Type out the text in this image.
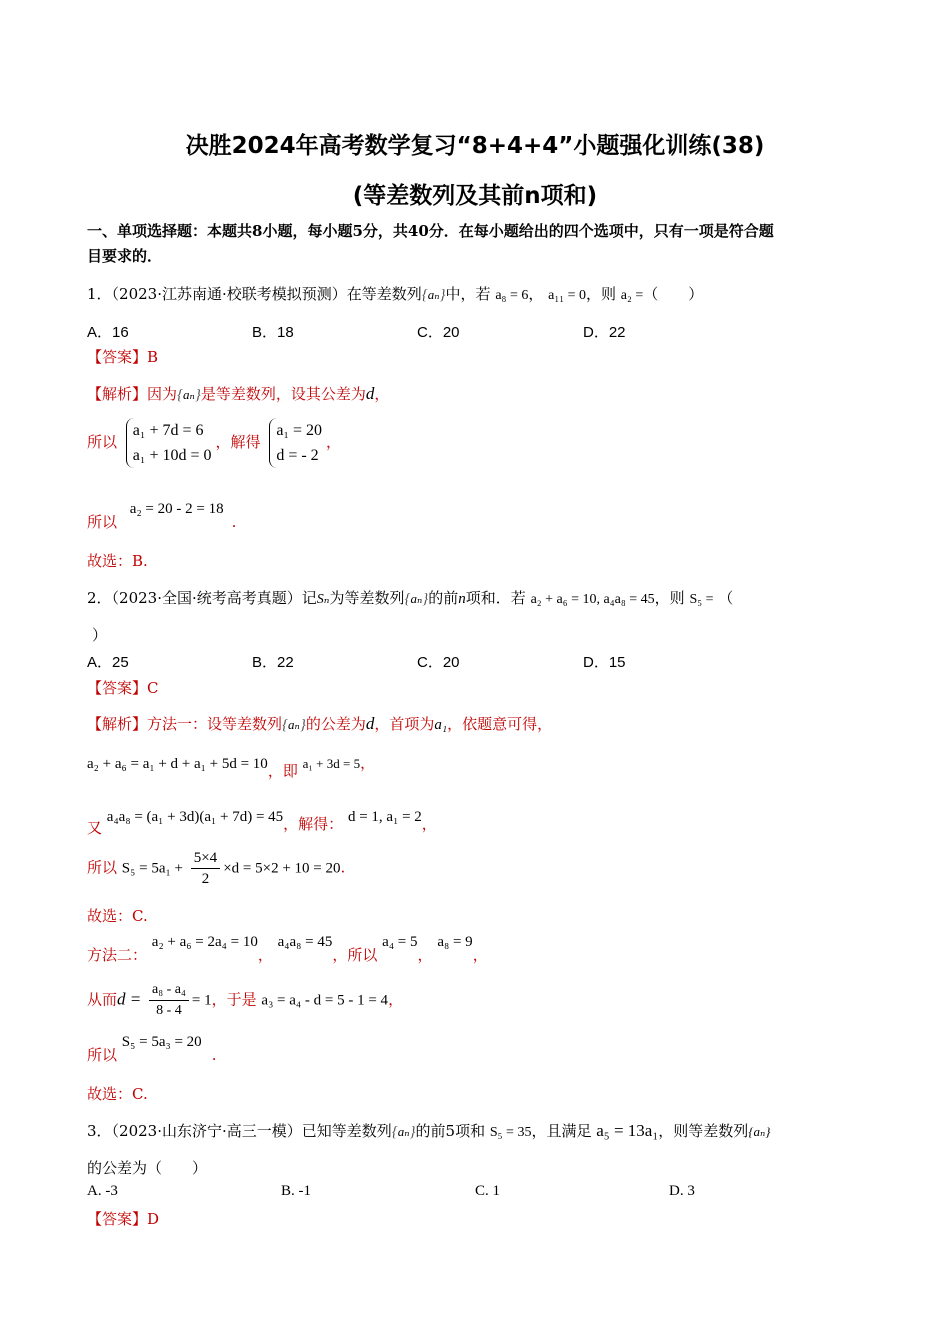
决胜2024年高考数学复习“8+4+4”小题强化训练(38)
(等差数列及其前n项和)
一、单项选择题：本题共8小题，每小题5分，共40分．在每小题给出的四个选项中，只有一项是符合题
目要求的．
1．（2023·江苏南通·校联考模拟预测）在等差数列 { aₙ } 中，若 a₈ = 6， a₁₁ = 0，则 a₂ =（　　）
A．16	B．18	C．20	D．22
【答案】B
【解析】因为 { aₙ } 是等差数列，设其公差为d，
所以
a₁ + 7d = 6
a₁ + 10d = 0
，解得
a₁ = 20
d = - 2
，
所以 a₂ = 20 - 2 = 18.
故选：B.
2．（2023·全国·统考高考真题）记Sₙ为等差数列 { aₙ } 的前n项和．若 a₂ + a₆ = 10, a₄a₈ = 45，则 S₅ = （
）
A．25	B．22	C．20	D．15
【答案】C
【解析】方法一：设等差数列 { aₙ } 的公差为d，首项为a₁，依题意可得，
a₂ + a₆ = a₁ + d + a₁ + 5d = 10，即 a₁ + 3d = 5，
又 a₄a₈ = (a₁ + 3d)(a₁ + 7d) = 45，解得： d = 1, a₁ = 2，
所以 $S_5 = 5a_1 + \frac{5\times 4}{2} \times d = 5\times 2 + 10 = 20$.
故选：C.
方法二： a₂ + a₆ = 2a₄ = 10， a₄a₈ = 45，所以 a₄ = 5， a₈ = 9，
从而$d = \frac{\text{a₈ - a₄}}{8 - 4} = 1$，于是 a₃ = a₄ - d = 5 - 1 = 4，
所以 S₅ = 5a₃ = 20.
故选：C.
3．（2023·山东济宁·高三一模）已知等差数列 { aₙ } 的前5项和 S₅ = 35，且满足 a₅ = 13a₁，则等差数列{aₙ}
的公差为（　　）
A. -3	B. -1	C. 1	D. 3
【答案】D
